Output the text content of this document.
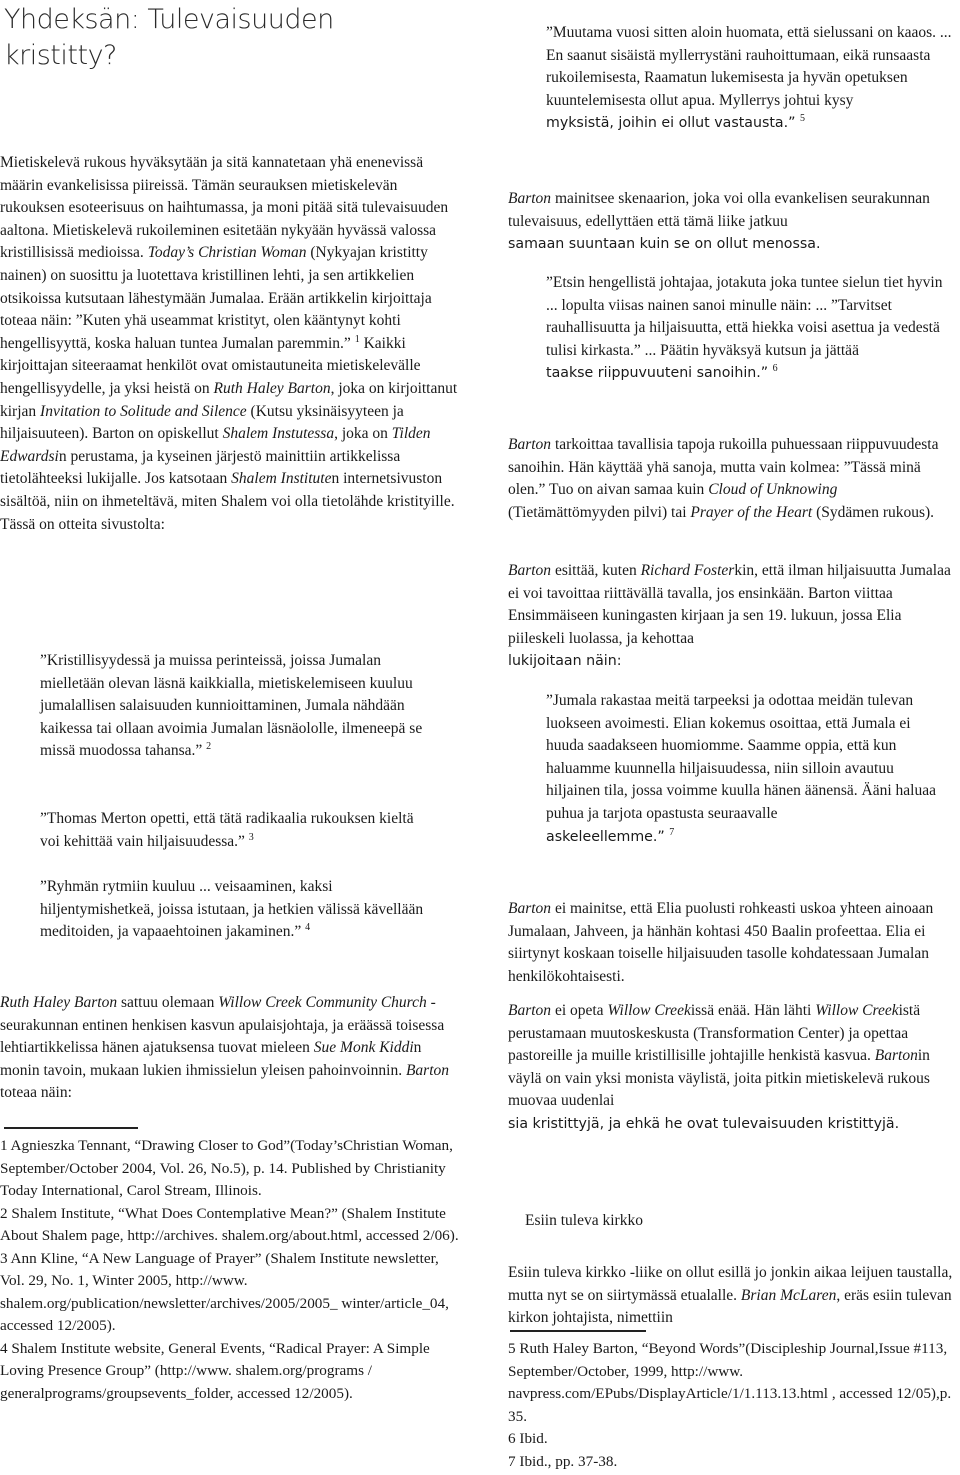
Yhdeksän: Tulevaisuuden kristitty?

Mietiskelevä rukous hyväksytään ja sitä kannatetaan yhä enenevissä määrin evankelisissa piireissä. Tämän seurauksen mietiskelevän rukouksen esoteerisuus on haihtumassa, ja moni pitää sitä tulevaisuuden aaltona. Mietiskelevä rukoileminen esitetään nykyään hyvässä valossa kristillisissä medioissa. Today’s Christian Woman (Nykyajan kristitty nainen) on suosittu ja luotettava kristillinen lehti, ja sen artikkelien otsikoissa kutsutaan lähestymään Jumalaa. Erään artikkelin kirjoittaja toteaa näin: ”Kuten yhä useammat kristityt, olen kääntynyt kohti hengellisyyttä, koska haluan tuntea Jumalan paremmin.” $^1$ Kaikki kirjoittajan siteeraamat henkilöt ovat omistautuneita mietiskelevälle hengellisyydelle, ja yksi heistä on Ruth Haley Barton, joka on kirjoittanut kirjan Invitation to Solitude and Silence (Kutsu yksinäisyyteen ja hiljaisuuteen). Barton on opiskellut Shalem Instutessa, joka on Tilden Edwardsin perustama, ja kyseinen järjestö mainittiin artikkelissa tietolähteeksi lukijalle. Jos katsotaan Shalem Instituten internetsivuston sisältöä, niin on ihmeteltävä, miten Shalem voi olla tietolähde kristityille. Tässä on otteita sivustolta:

”Kristillisyydessä ja muissa perinteissä, joissa Jumalan mielletään olevan läsnä kaikkialla, mietiskelemiseen kuuluu jumalallisen salaisuuden kunnioittaminen, Jumala nähdään kaikessa tai ollaan avoimia Jumalan läsnäololle, ilmeneepä se missä muodossa tahansa.” $^2$

”Thomas Merton opetti, että tätä radikaalia rukouksen kieltä voi kehittää vain hiljaisuudessa.” $^3$

”Ryhmän rytmiin kuuluu ... veisaaminen, kaksi hiljentymishetkeä, joissa istutaan, ja hetkien välissä kävellään meditoiden, ja vapaaehtoinen jakaminen.” $^4$

Ruth Haley Barton sattuu olemaan Willow Creek Community Church -seurakunnan entinen henkisen kasvun apulaisjohtaja, ja eräässä toisessa lehtiartikkelissa hänen ajatuksensa tuovat mieleen Sue Monk Kiddin monin tavoin, mukaan lukien ihmissielun yleisen pahoinvoinnin. Barton toteaa näin:

1 Agnieszka Tennant, “Drawing Closer to God”(Today’sChristian Woman, September/October 2004, Vol. 26, No.5), p. 14. Published by Christianity Today International, Carol Stream, Illinois.

2 Shalem Institute, “What Does Contemplative Mean?” (Shalem Institute About Shalem page, http://archives. shalem.org/about.html, accessed 2/06).

3 Ann Kline, “A New Language of Prayer” (Shalem Institute newsletter, Vol. 29, No. 1, Winter 2005, http://www. shalem.org/publication/newsletter/archives/2005/2005_ winter/article_04, accessed 12/2005).

4 Shalem Institute website, General Events, “Radical Prayer: A Simple Loving Presence Group” (http://www. shalem.org/programs / generalprograms/groupsevents_folder, accessed 12/2005).

”Muutama vuosi sitten aloin huomata, että sielussani on kaaos. ... En saanut sisäistä myllerrystäni rauhoittumaan, eikä runsaasta rukoilemisesta, Raamatun lukemisesta ja hyvän opetuksen kuuntelemisesta ollut apua. Myllerrys johtui kysy
myksistä, joihin ei ollut vastausta.” $^5$

Barton mainitsee skenaarion, joka voi olla evankelisen seurakunnan tulevaisuus, edellyttäen että tämä liike jatkuu
samaan suuntaan kuin se on ollut menossa.

”Etsin hengellistä johtajaa, jotakuta joka tuntee sielun tiet hyvin ... lopulta viisas nainen sanoi minulle näin: ... ”Tarvitset rauhallisuutta ja hiljaisuutta, että hiekka voisi asettua ja vedestä tulisi kirkasta.” ... Päätin hyväksyä kutsun ja jättää
taakse riippuvuuteni sanoihin.” $^6$

Barton tarkoittaa tavallisia tapoja rukoilla puhuessaan riippuvuudesta sanoihin. Hän käyttää yhä sanoja, mutta vain kolmea: ”Tässä minä olen.” Tuo on aivan samaa kuin Cloud of Unknowing (Tietämättömyyden pilvi) tai Prayer of the Heart (Sydämen rukous).

Barton esittää, kuten Richard Fosterkin, että ilman hiljaisuutta Jumalaa ei voi tavoittaa riittävällä tavalla, jos ensinkään. Barton viittaa Ensimmäiseen kuningasten kirjaan ja sen 19. lukuun, jossa Elia piileskeli luolassa, ja kehottaa
lukijoitaan näin:

”Jumala rakastaa meitä tarpeeksi ja odottaa meidän tulevan luokseen avoimesti. Elian kokemus osoittaa, että Jumala ei huuda saadakseen huomiomme. Saamme oppia, että kun haluamme kuunnella hiljaisuudessa, niin silloin avautuu hiljainen tila, jossa voimme kuulla hänen äänensä. Ääni haluaa puhua ja tarjota opastusta seuraavalle
askeleellemme.” $^7$

Barton ei mainitse, että Elia puolusti rohkeasti uskoa yhteen ainoaan Jumalaan, Jahveen, ja hänhän kohtasi 450 Baalin profeettaa. Elia ei siirtynyt koskaan toiselle hiljaisuuden tasolle kohdatessaan Jumalan henkilökohtaisesti.

Barton ei opeta Willow Creekissä enää. Hän lähti Willow Creekistä perustamaan muutoskeskusta (Transformation Center) ja opettaa pastoreille ja muille kristillisille johtajille henkistä kasvua. Bartonin väylä on vain yksi monista väylistä, joita pitkin mietiskelevä rukous muovaa uudenlai
sia kristittyjä, ja ehkä he ovat tulevaisuuden kristittyjä.

Esiin tuleva kirkko

Esiin tuleva kirkko -liike on ollut esillä jo jonkin aikaa leijuen taustalla, mutta nyt se on siirtymässä etualalle. Brian McLaren, eräs esiin tulevan kirkon johtajista, nimettiin

5 Ruth Haley Barton, “Beyond Words”(Discipleship Journal,Issue #113, September/October, 1999, http://www. navpress.com/EPubs/DisplayArticle/1/1.113.13.html , accessed 12/05),p. 35.

6 Ibid.

7 Ibid., pp. 37-38.
